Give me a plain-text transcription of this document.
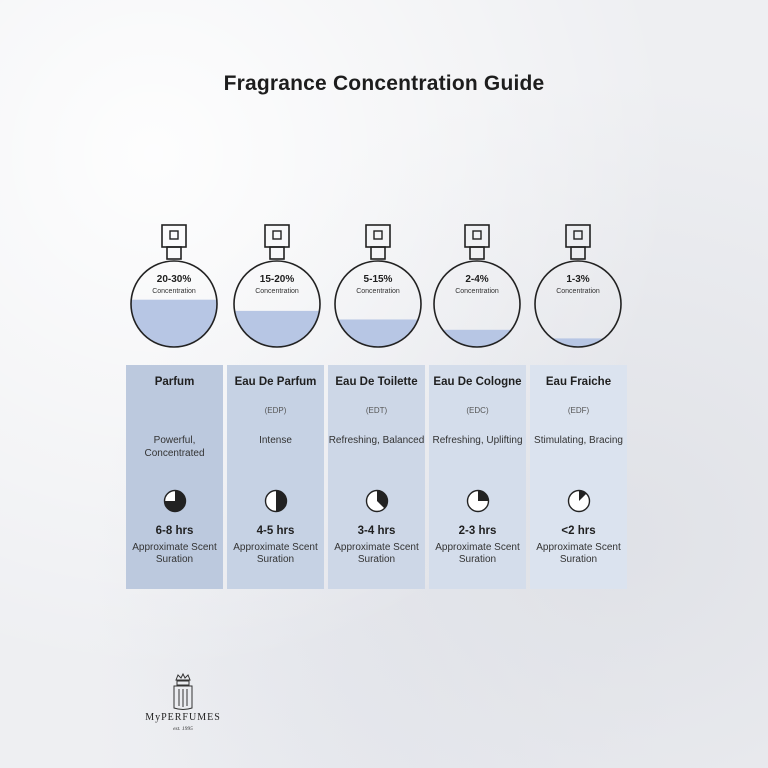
Fragrance Concentration Guide
20-30%
Concentration
15-20%
Concentration
5-15%
Concentration
2-4%
Concentration
1-3%
Concentration
Parfum
Powerful, Concentrated
6-8 hrs
Approximate Scent Suration
Eau De Parfum
(EDP)
Intense
4-5 hrs
Approximate Scent Suration
Eau De Toilette
(EDT)
Refreshing, Balanced
3-4 hrs
Approximate Scent Suration
Eau De Cologne
(EDC)
Refreshing, Uplifting
2-3 hrs
Approximate Scent Suration
Eau Fraiche
(EDF)
Stimulating, Bracing
<2 hrs
Approximate Scent Suration
MyPERFUMES
est. 1995
